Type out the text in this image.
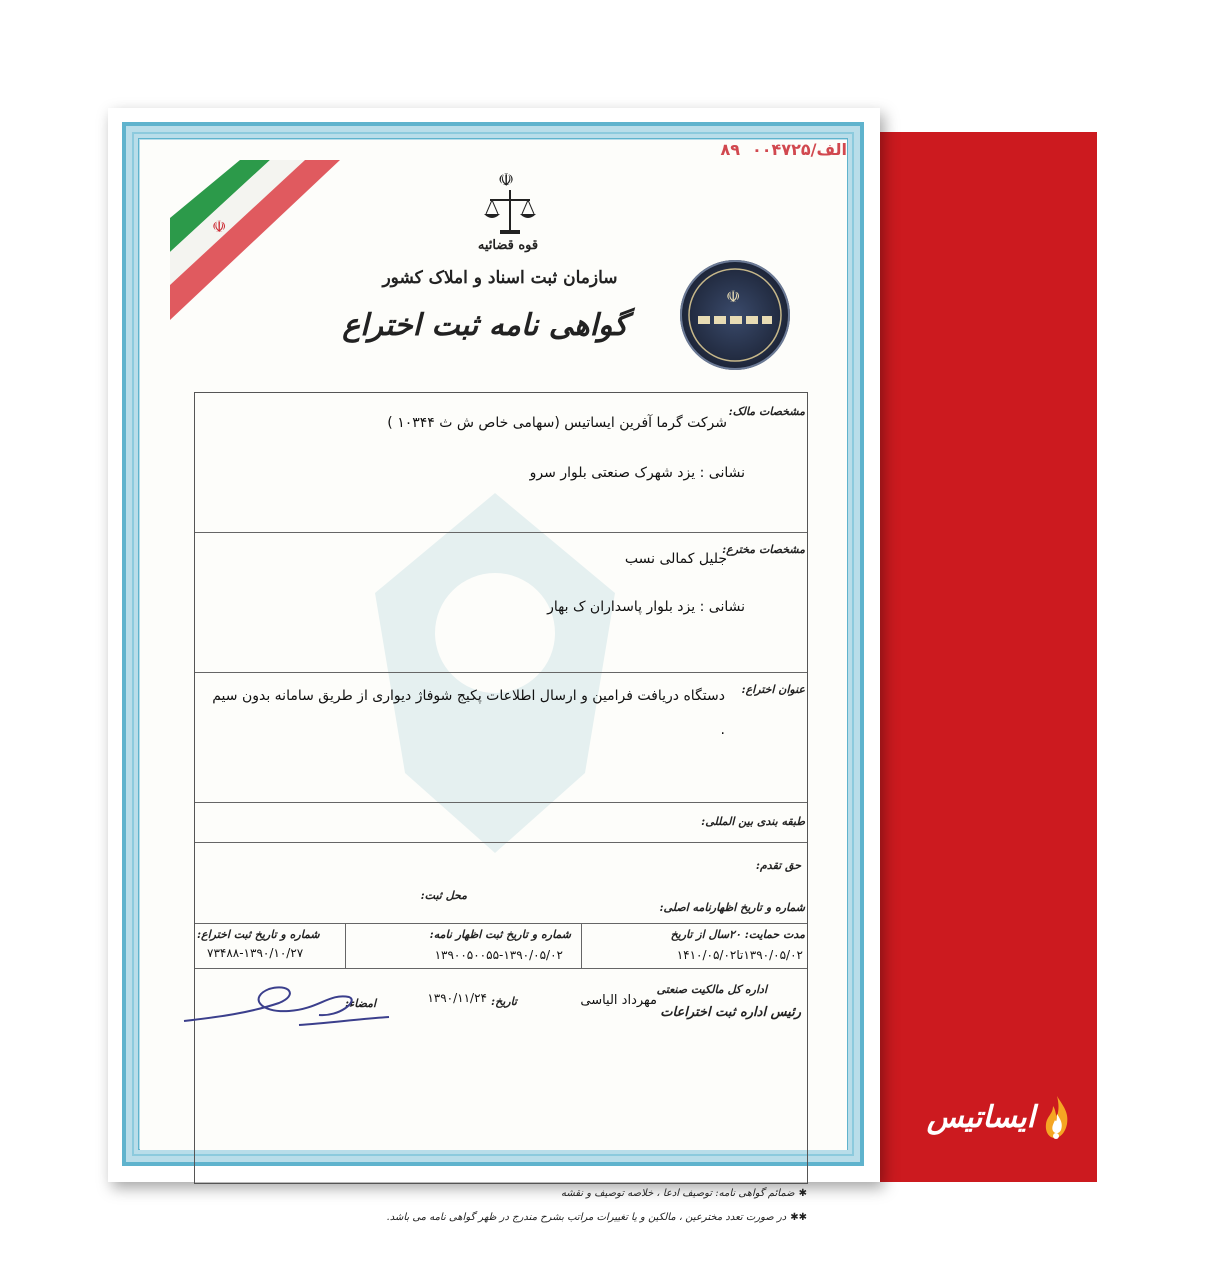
ایساتیس
☫
☫
☫
قوه قضائیه
سازمان ثبت اسناد و املاک کشور
گواهی نامه ثبت اختراع
الف/۸۹۰۰۴۷۲۵
مشخصات مالک:
شرکت گرما آفرین ایساتیس (سهامی خاص ش ث ۱۰۳۴۴ )
نشانی : یزد شهرک صنعتی بلوار سرو
مشخصات مخترع:
جلیل کمالی نسب
نشانی : یزد بلوار پاسداران ک بهار
عنوان اختراع:
دستگاه دریافت فرامین و ارسال اطلاعات پکیج شوفاژ دیواری از طریق سامانه بدون سیم .
طبقه بندی بین المللی:
حق تقدم:
محل ثبت:
شماره و تاریخ اظهارنامه اصلی:
مدت حمایت: ۲۰سال از تاریخ
۱۳۹۰/۰۵/۰۲تا۱۴۱۰/۰۵/۰۲
شماره و تاریخ ثبت اظهار نامه:
۱۳۹۰۰۵۰۰۵۵-۱۳۹۰/۰۵/۰۲
شماره و تاریخ ثبت اختراع:
۷۳۴۸۸-۱۳۹۰/۱۰/۲۷
اداره کل مالکیت صنعتی
رئیس اداره ثبت اختراعات
مهرداد الیاسی
تاریخ:
۱۳۹۰/۱۱/۲۴
امضاء:
✱ضمائم گواهی نامه: توصیف ادعا ، خلاصه توصیف و نقشه
✱✱در صورت تعدد مخترعین ، مالکین و یا تغییرات مراتب بشرح مندرج در ظهر گواهی نامه می باشد.
